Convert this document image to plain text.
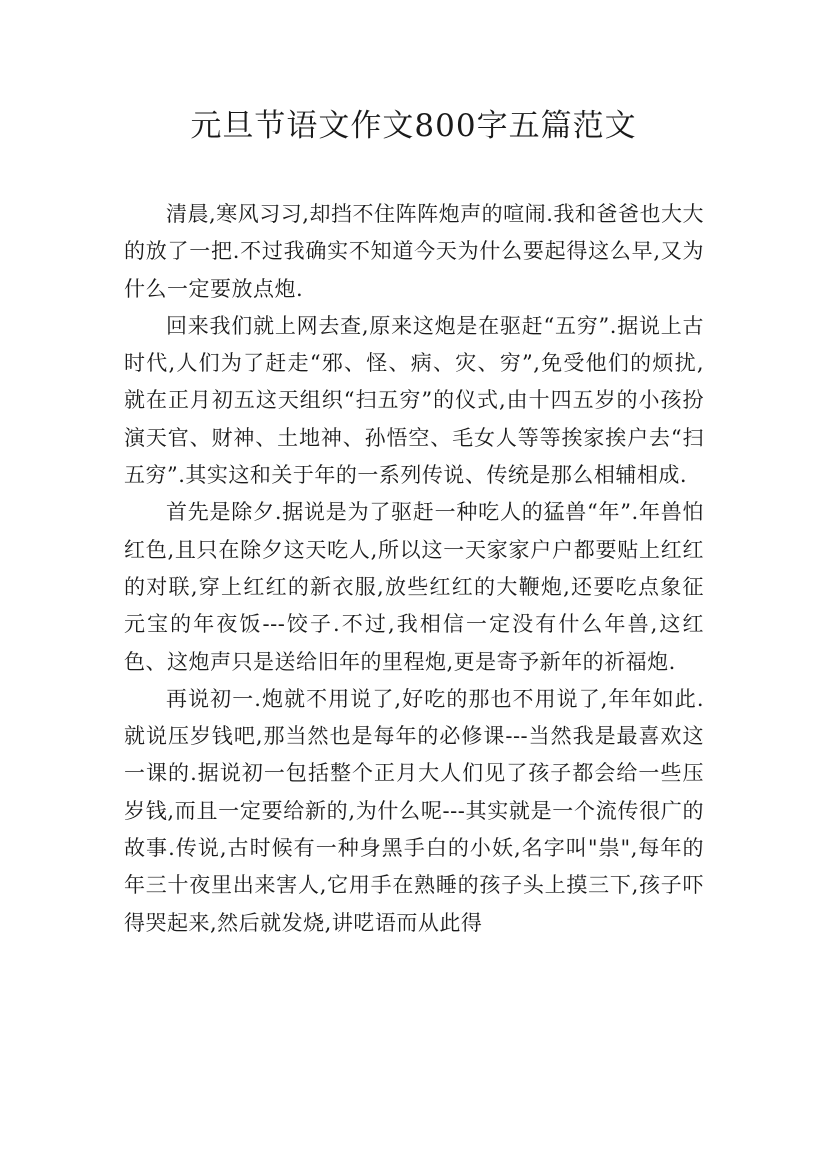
元旦节语文作文800字五篇范文

清晨,寒风习习,却挡不住阵阵炮声的喧闹.我和爸爸也大大的放了一把.不过我确实不知道今天为什么要起得这么早,又为什么一定要放点炮.

回来我们就上网去查,原来这炮是在驱赶“五穷”.据说上古时代,人们为了赶走“邪、怪、病、灾、穷”,免受他们的烦扰,就在正月初五这天组织“扫五穷”的仪式,由十四五岁的小孩扮演天官、财神、土地神、孙悟空、毛女人等等挨家挨户去“扫五穷”.其实这和关于年的一系列传说、传统是那么相辅相成.

首先是除夕.据说是为了驱赶一种吃人的猛兽“年”.年兽怕红色,且只在除夕这天吃人,所以这一天家家户户都要贴上红红的对联,穿上红红的新衣服,放些红红的大鞭炮,还要吃点象征元宝的年夜饭---饺子.不过,我相信一定没有什么年兽,这红色、这炮声只是送给旧年的里程炮,更是寄予新年的祈福炮.

再说初一.炮就不用说了,好吃的那也不用说了,年年如此.就说压岁钱吧,那当然也是每年的必修课---当然我是最喜欢这一课的.据说初一包括整个正月大人们见了孩子都会给一些压岁钱,而且一定要给新的,为什么呢---其实就是一个流传很广的故事.传说,古时候有一种身黑手白的小妖,名字叫"祟",每年的年三十夜里出来害人,它用手在熟睡的孩子头上摸三下,孩子吓得哭起来,然后就发烧,讲呓语而从此得
